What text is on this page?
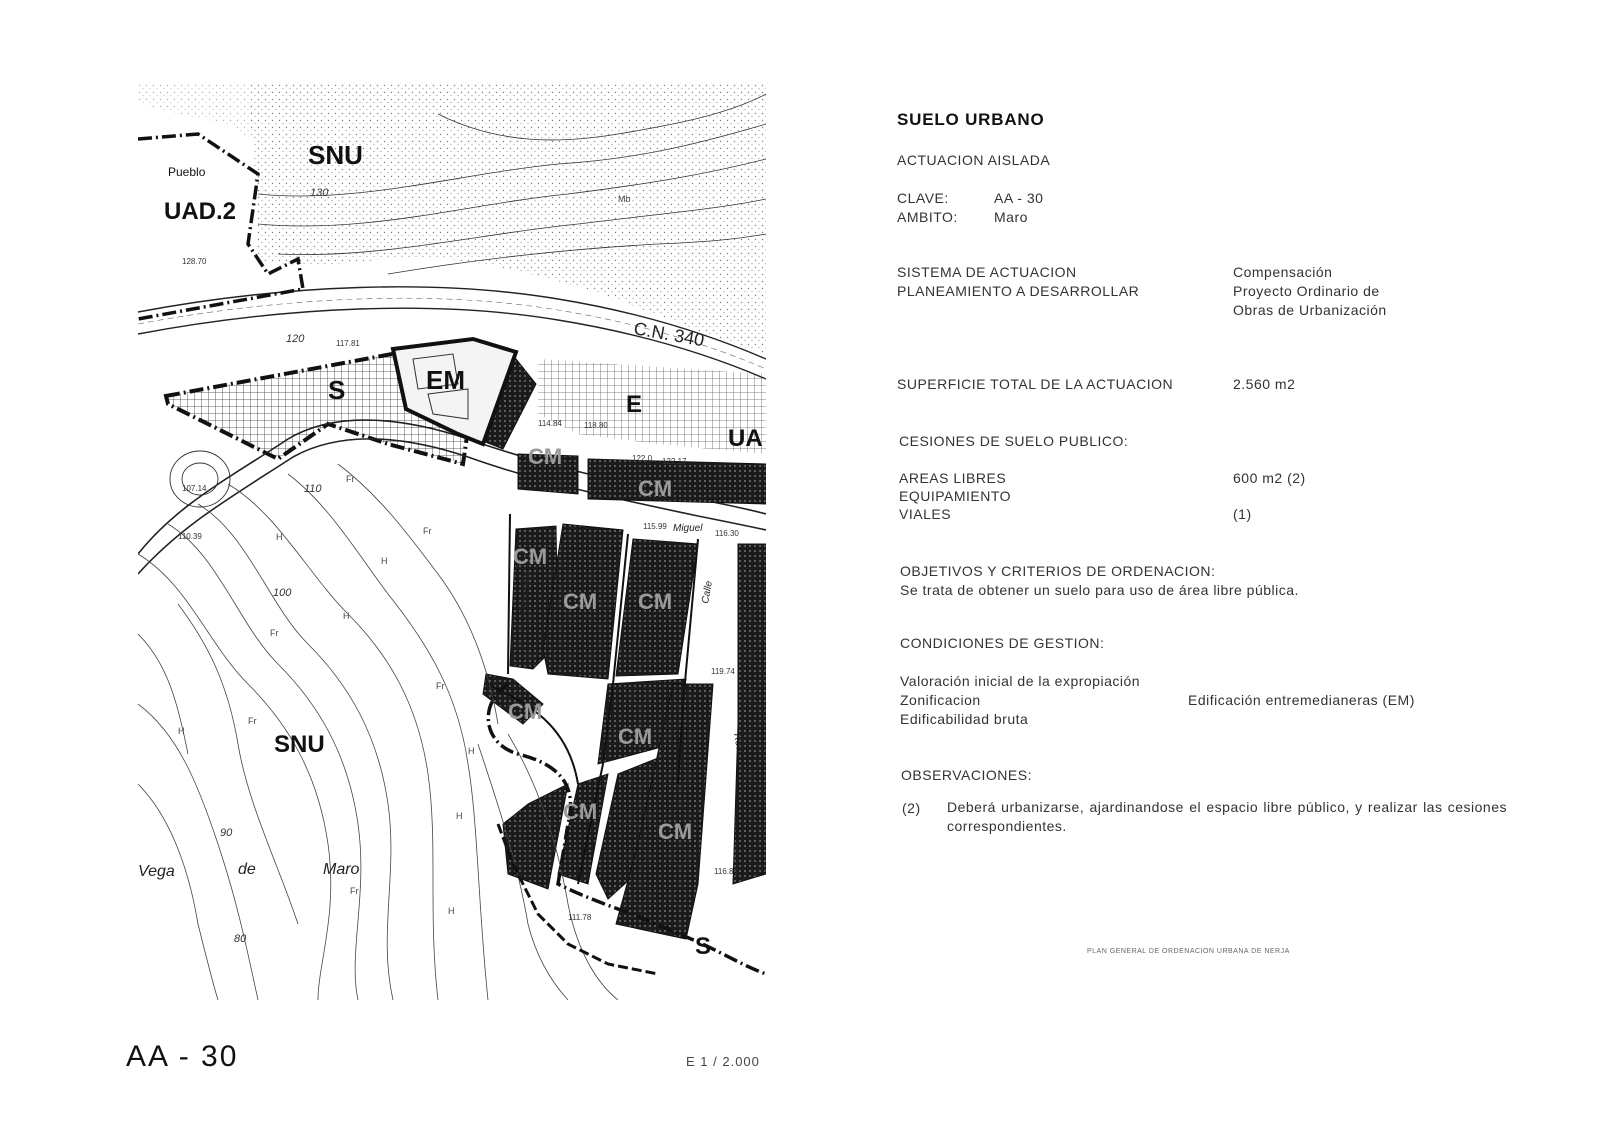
SNU
UAD.2
Pueblo
SNU
S	EM
E
UA
CM
CM
CM
CM CM
CM
CM
CM
CM
S
C.N. 340
Miguel
Calle
Carretera
Real
Vega	de	Maro
128.70
117.81
114.84	118.80
122.0 122.17
107.14
110.39
115.99
116.30
119.74
111.78
116.85
130
120
110
100
90
80
Fr
H
Mb
Fr
H
Fr
H
H
Fr
H
Fr
H
Fr
H
AA - 30	E 1 / 2.000
SUELO URBANO
ACTUACION AISLADA
CLAVE:	AA - 30
AMBITO:	Maro
SISTEMA DE ACTUACION	Compensación
PLANEAMIENTO A DESARROLLAR	Proyecto Ordinario de
Obras de Urbanización
SUPERFICIE TOTAL DE LA ACTUACION	2.560 m2
CESIONES DE SUELO PUBLICO:
AREAS LIBRES	600 m2 (2)
EQUIPAMIENTO
VIALES	(1)
OBJETIVOS Y CRITERIOS DE ORDENACION:
Se trata de obtener un suelo para uso de área libre pública.
CONDICIONES DE GESTION:
Valoración inicial de la expropiación
Zonificacion	Edificación entremedianeras (EM)
Edificabilidad bruta
OBSERVACIONES:
(2) Deberá urbanizarse, ajardinandose el espacio libre público, y realizar las cesiones correspondientes.
PLAN GENERAL DE ORDENACION URBANA DE NERJA
